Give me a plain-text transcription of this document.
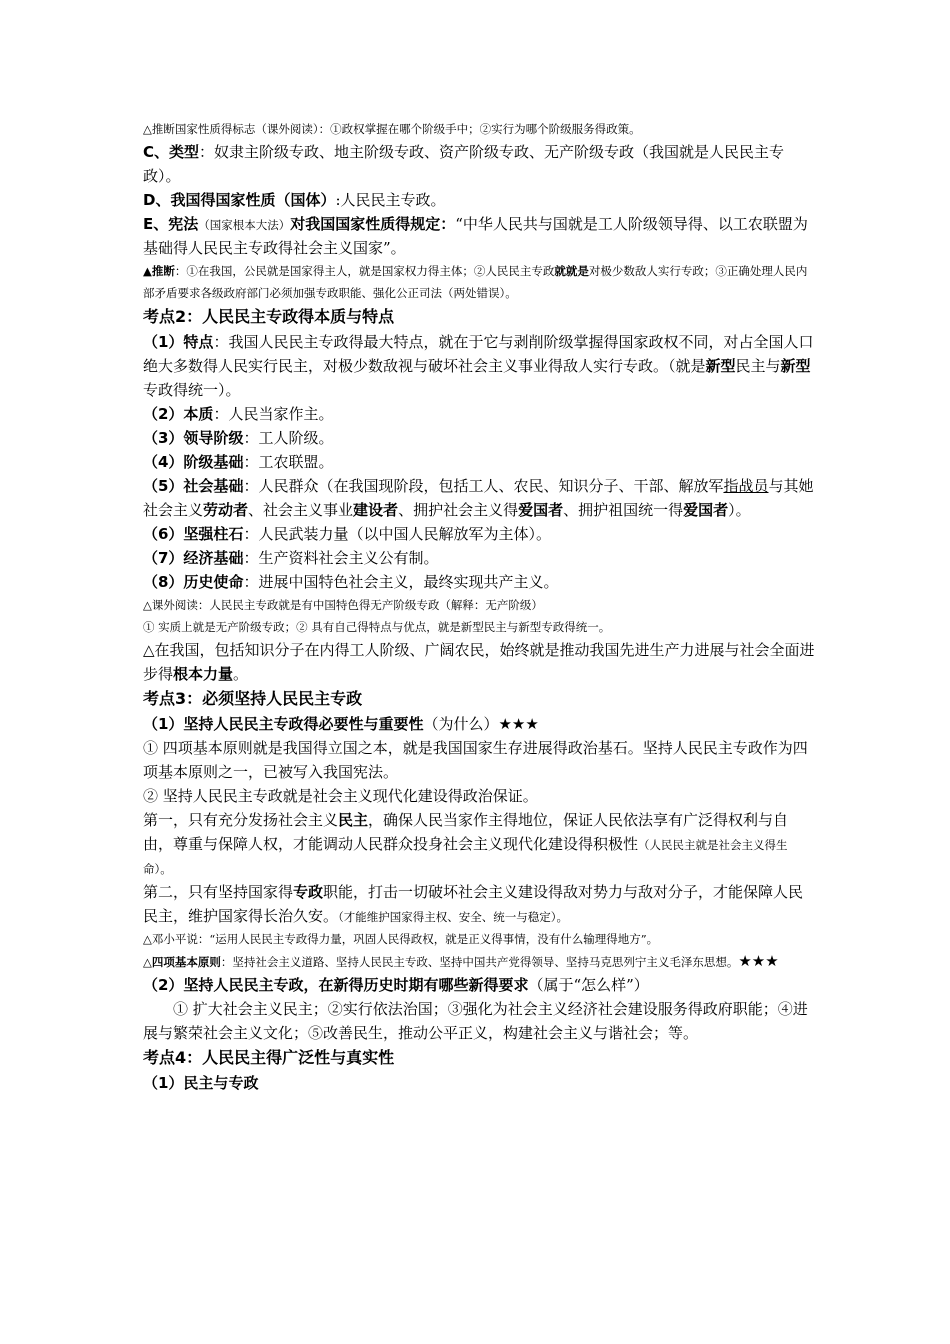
△推断国家性质得标志（课外阅读）：①政权掌握在哪个阶级手中；②实行为哪个阶级服务得政策。

C、类型：奴隶主阶级专政、地主阶级专政、资产阶级专政、无产阶级专政（我国就是人民民主专政）。

D、我国得国家性质（国体）:人民民主专政。

E、宪法（国家根本大法）对我国国家性质得规定：“中华人民共与国就是工人阶级领导得、以工农联盟为基础得人民民主专政得社会主义国家”。

▲推断：①在我国，公民就是国家得主人，就是国家权力得主体；②人民民主专政就就是对极少数敌人实行专政；③正确处理人民内部矛盾要求各级政府部门必须加强专政职能、强化公正司法（两处错误）。

考点2：人民民主专政得本质与特点

（1）特点：我国人民民主专政得最大特点，就在于它与剥削阶级掌握得国家政权不同，对占全国人口绝大多数得人民实行民主，对极少数敌视与破坏社会主义事业得敌人实行专政。（就是新型民主与新型专政得统一）。

（2）本质：人民当家作主。

（3）领导阶级：工人阶级。

（4）阶级基础：工农联盟。

（5）社会基础：人民群众（在我国现阶段，包括工人、农民、知识分子、干部、解放军指战员与其她社会主义劳动者、社会主义事业建设者、拥护社会主义得爱国者、拥护祖国统一得爱国者）。

（6）坚强柱石：人民武装力量（以中国人民解放军为主体）。

（7）经济基础：生产资料社会主义公有制。

（8）历史使命：进展中国特色社会主义，最终实现共产主义。

△课外阅读：人民民主专政就是有中国特色得无产阶级专政（解释：无产阶级）

① 实质上就是无产阶级专政；② 具有自己得特点与优点，就是新型民主与新型专政得统一。

△在我国，包括知识分子在内得工人阶级、广阔农民，始终就是推动我国先进生产力进展与社会全面进步得根本力量。

考点3：必须坚持人民民主专政

（1）坚持人民民主专政得必要性与重要性（为什么）★★★

① 四项基本原则就是我国得立国之本，就是我国国家生存进展得政治基石。坚持人民民主专政作为四项基本原则之一，已被写入我国宪法。

② 坚持人民民主专政就是社会主义现代化建设得政治保证。

第一，只有充分发扬社会主义民主，确保人民当家作主得地位，保证人民依法享有广泛得权利与自由，尊重与保障人权，才能调动人民群众投身社会主义现代化建设得积极性（人民民主就是社会主义得生命）。

第二，只有坚持国家得专政职能，打击一切破坏社会主义建设得敌对势力与敌对分子，才能保障人民民主，维护国家得长治久安。（才能维护国家得主权、安全、统一与稳定）。

△邓小平说：“运用人民民主专政得力量，巩固人民得政权，就是正义得事情，没有什么输理得地方”。

△四项基本原则：坚持社会主义道路、坚持人民民主专政、坚持中国共产党得领导、坚持马克思列宁主义毛泽东思想。★★★

（2）坚持人民民主专政，在新得历史时期有哪些新得要求（属于“怎么样”）

① 扩大社会主义民主；②实行依法治国；③强化为社会主义经济社会建设服务得政府职能；④进展与繁荣社会主义文化；⑤改善民生，推动公平正义，构建社会主义与谐社会；等。

考点4：人民民主得广泛性与真实性

（1）民主与专政
